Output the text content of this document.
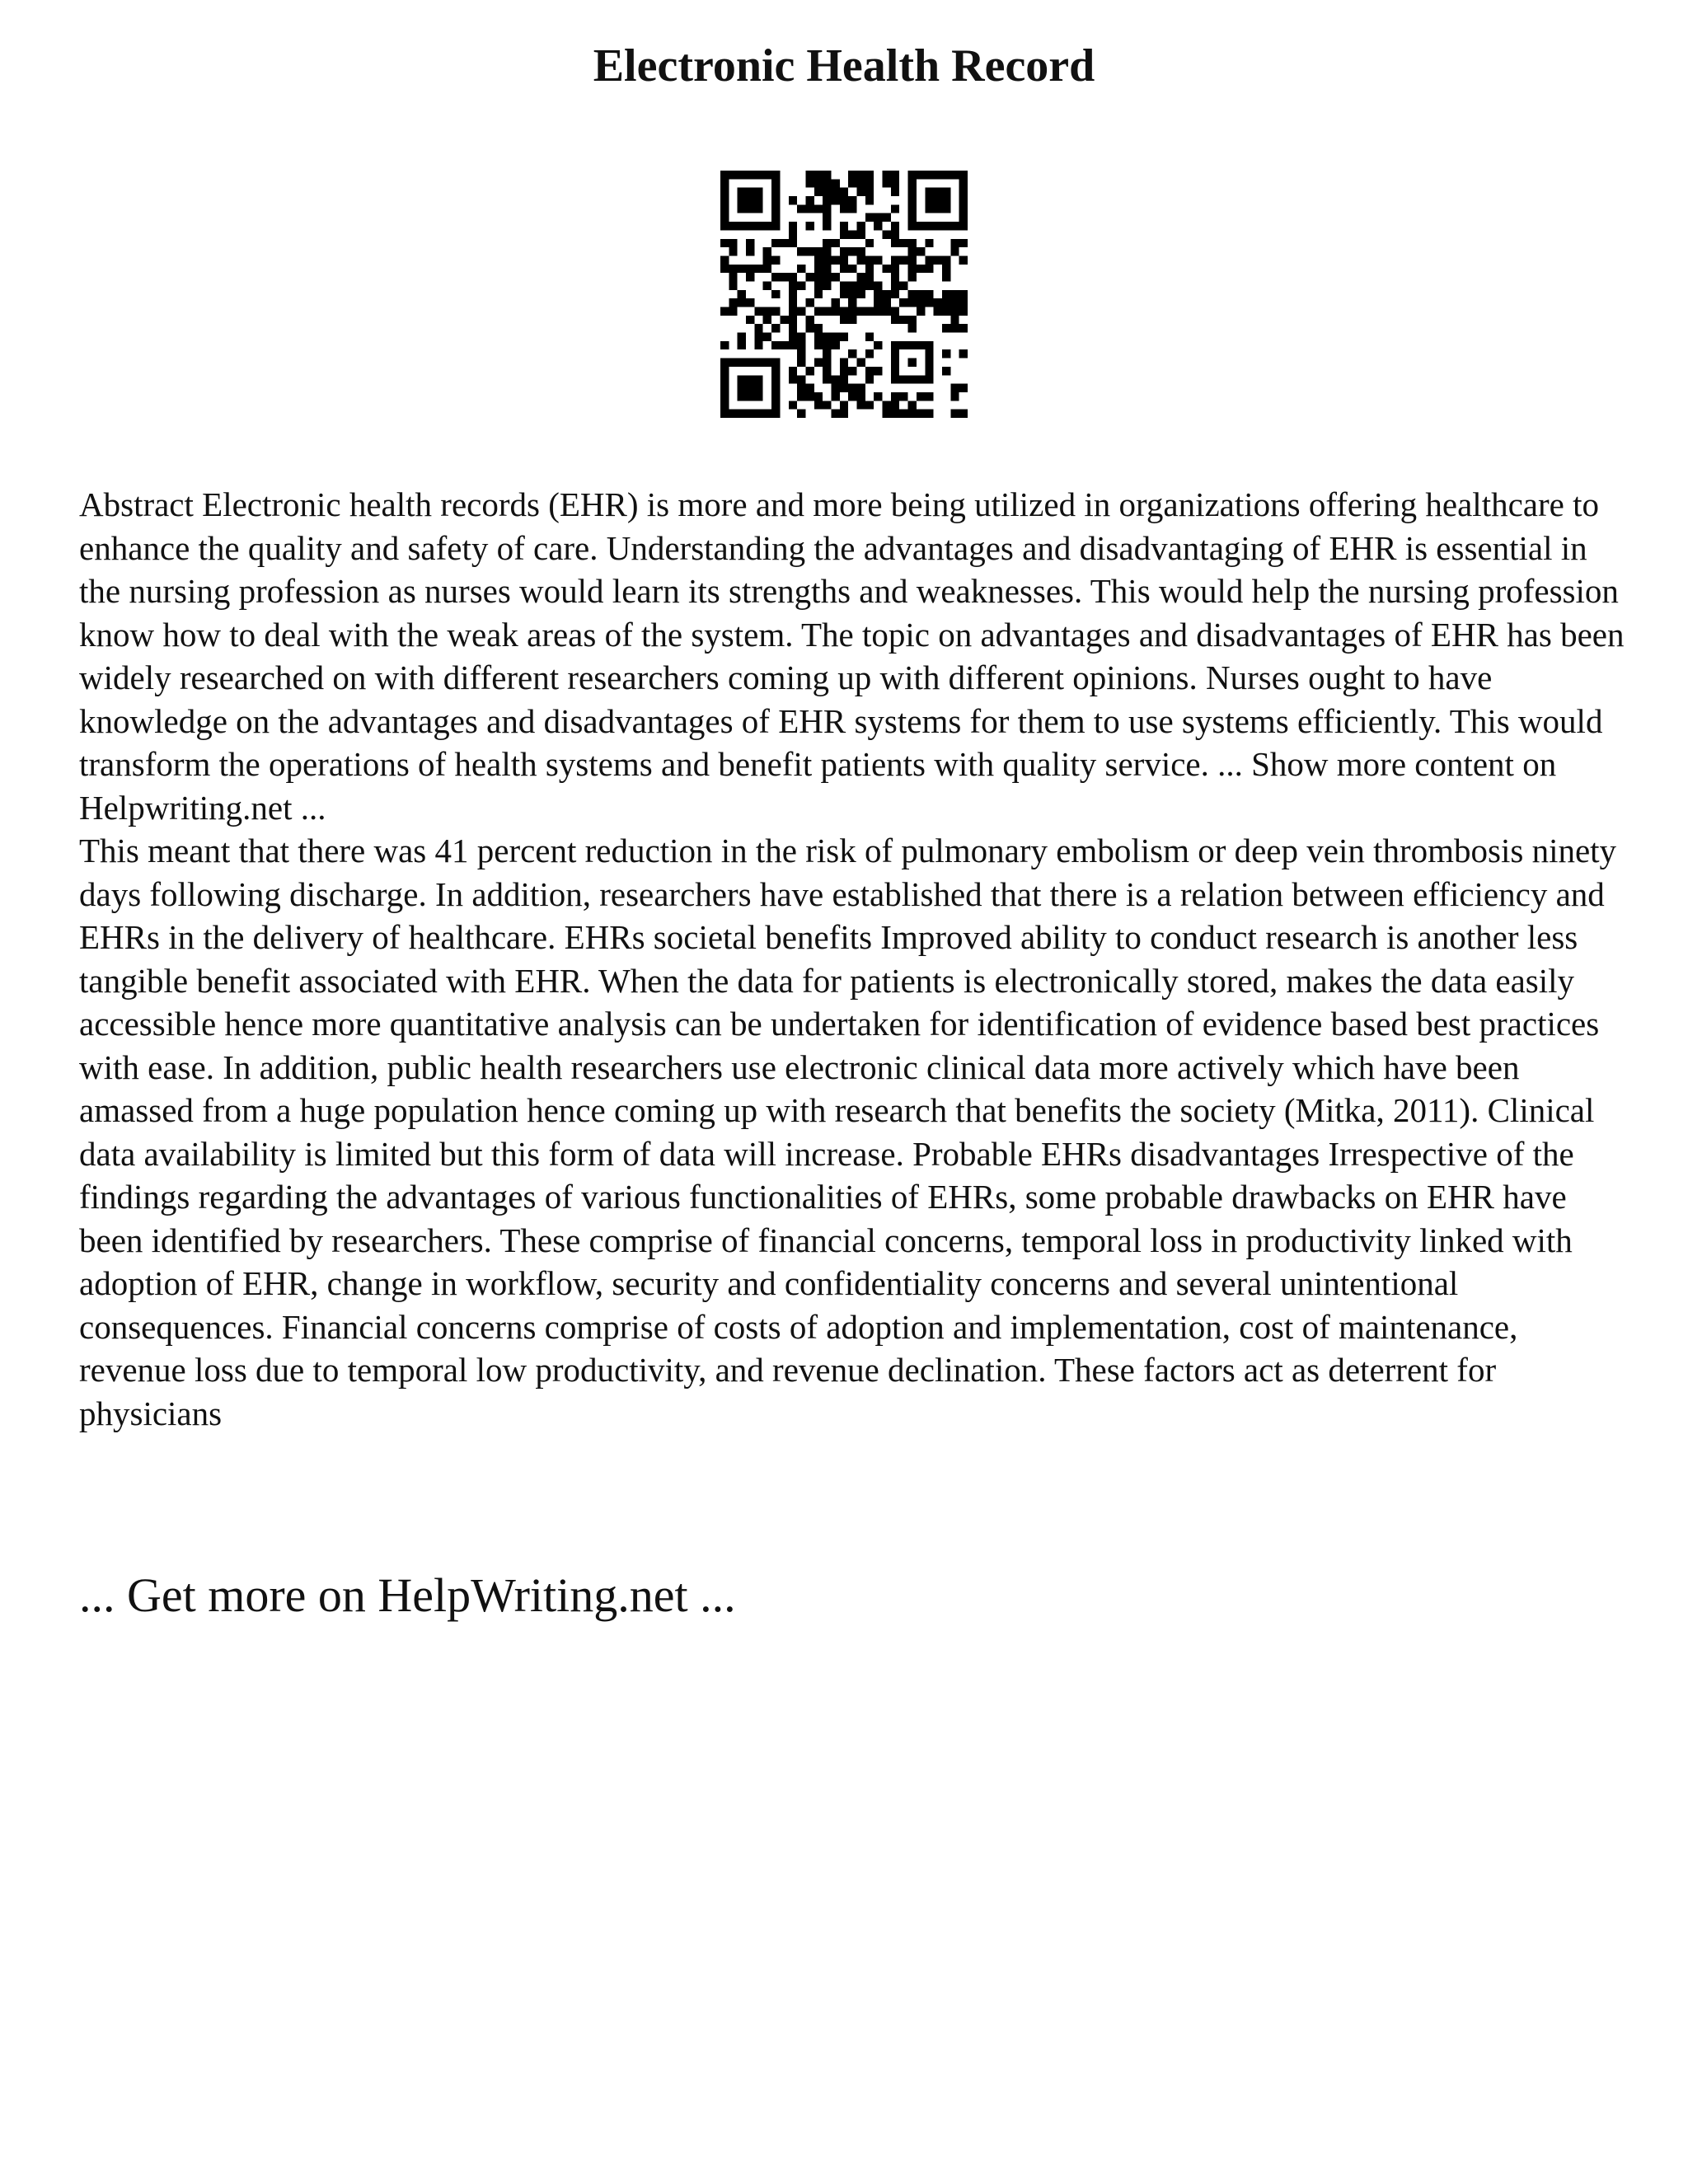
Electronic Health Record

Abstract Electronic health records (EHR) is more and more being utilized in organizations offering healthcare to enhance the quality and safety of care. Understanding the advantages and disadvantaging of EHR is essential in the nursing profession as nurses would learn its strengths and weaknesses. This would help the nursing profession know how to deal with the weak areas of the system. The topic on advantages and disadvantages of EHR has been widely researched on with different researchers coming up with different opinions. Nurses ought to have knowledge on the advantages and disadvantages of EHR systems for them to use systems efficiently. This would transform the operations of health systems and benefit patients with quality service. ... Show more content on Helpwriting.net ...

This meant that there was 41 percent reduction in the risk of pulmonary embolism or deep vein thrombosis ninety days following discharge. In addition, researchers have established that there is a relation between efficiency and EHRs in the delivery of healthcare. EHRs societal benefits Improved ability to conduct research is another less tangible benefit associated with EHR. When the data for patients is electronically stored, makes the data easily accessible hence more quantitative analysis can be undertaken for identification of evidence based best practices with ease. In addition, public health researchers use electronic clinical data more actively which have been amassed from a huge population hence coming up with research that benefits the society (Mitka, 2011). Clinical data availability is limited but this form of data will increase. Probable EHRs disadvantages Irrespective of the findings regarding the advantages of various functionalities of EHRs, some probable drawbacks on EHR have been identified by researchers. These comprise of financial concerns, temporal loss in productivity linked with adoption of EHR, change in workflow, security and confidentiality concerns and several unintentional consequences. Financial concerns comprise of costs of adoption and implementation, cost of maintenance, revenue loss due to temporal low productivity, and revenue declination. These factors act as deterrent for physicians

... Get more on HelpWriting.net ...
